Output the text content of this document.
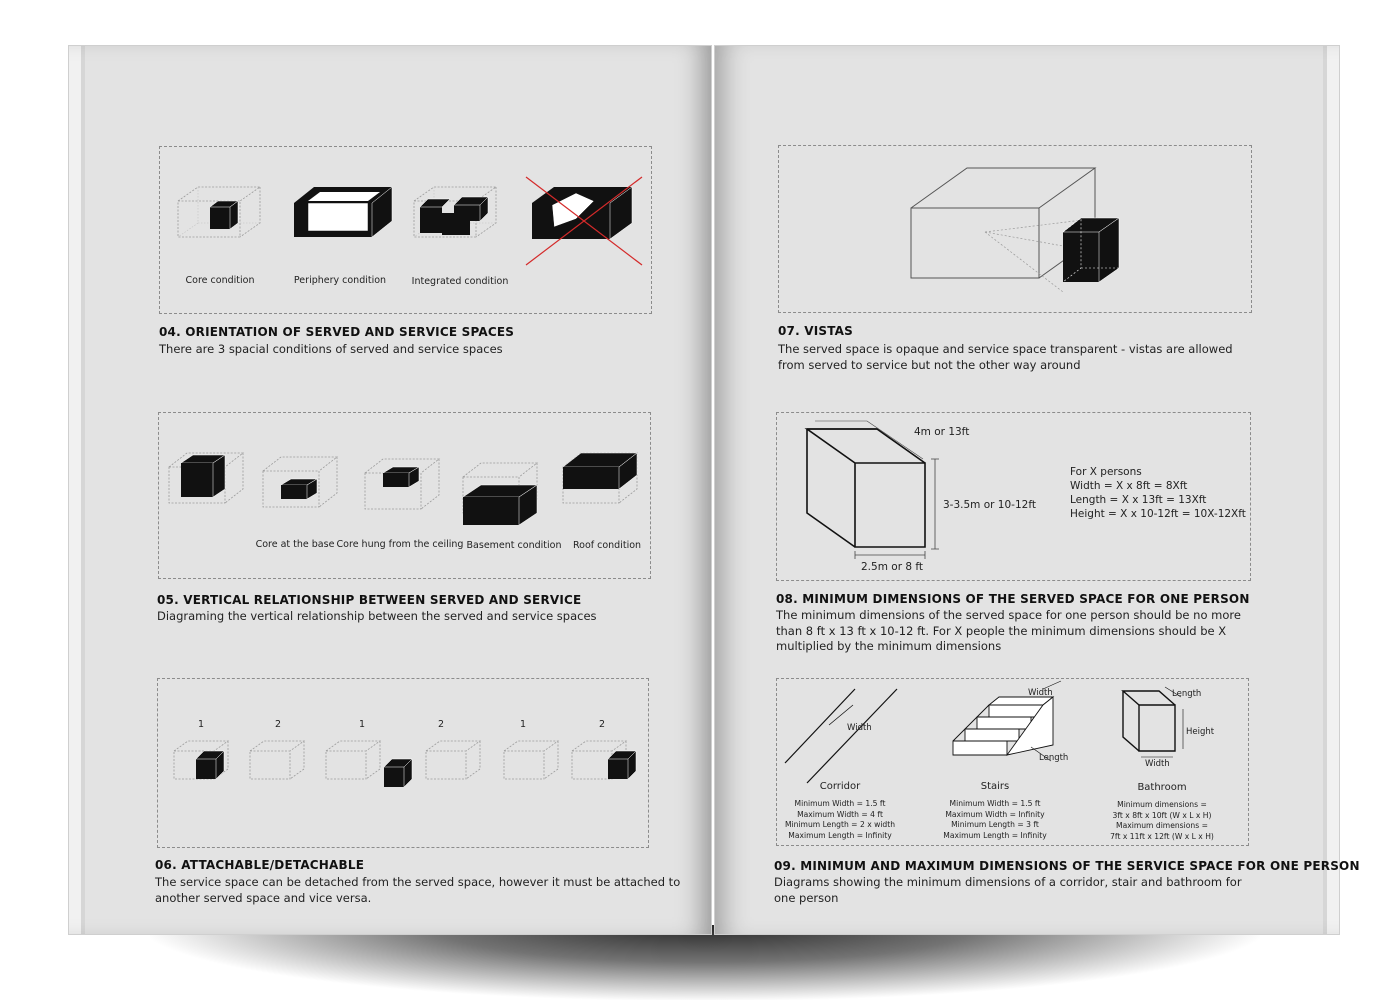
Core condition	Periphery condition	Integrated condition
04. ORIENTATION OF SERVED AND SERVICE SPACES
There are 3 spacial conditions of served and service spaces
Core at the base Core hung from the ceiling Basement condition Roof condition
05. VERTICAL RELATIONSHIP BETWEEN SERVED AND SERVICE
Diagraming the vertical relationship between the served and service spaces
1	2	1	2	1	2
06. ATTACHABLE/DETACHABLE
The service space can be detached from the served space, however it must be attached to another served space and vice versa.
07. VISTAS
The served space is opaque and service space transparent - vistas are allowed from served to service but not the other way around
4m or 13ft
3-3.5m or 10-12ft
2.5m or 8 ft
For X persons
Width = X x 8ft = 8Xft
Length = X x 13ft = 13Xft
Height = X x 10-12ft = 10X-12Xft
08. MINIMUM DIMENSIONS OF THE SERVED SPACE FOR ONE PERSON
The minimum dimensions of the served space for one person should be no more than 8 ft x 13 ft x 10-12 ft. For X people the minimum dimensions should be X multiplied by the minimum dimensions
Width
Width
Length
Length
Height
Width
Corridor	Stairs	Bathroom
Minimum Width = 1.5 ft
Maximum Width = 4 ft
Minimum Length = 2 x width
Maximum Length = Infinity
Minimum Width = 1.5 ft
Maximum Width = Infinity
Minimum Length = 3 ft
Maximum Length = Infinity
Minimum dimensions =
3ft x 8ft x 10ft (W x L x H)
Maximum dimensions =
7ft x 11ft x 12ft (W x L x H)
09. MINIMUM AND MAXIMUM DIMENSIONS OF THE SERVICE SPACE FOR ONE PERSON
Diagrams showing the minimum dimensions of a corridor, stair and bathroom for one person
